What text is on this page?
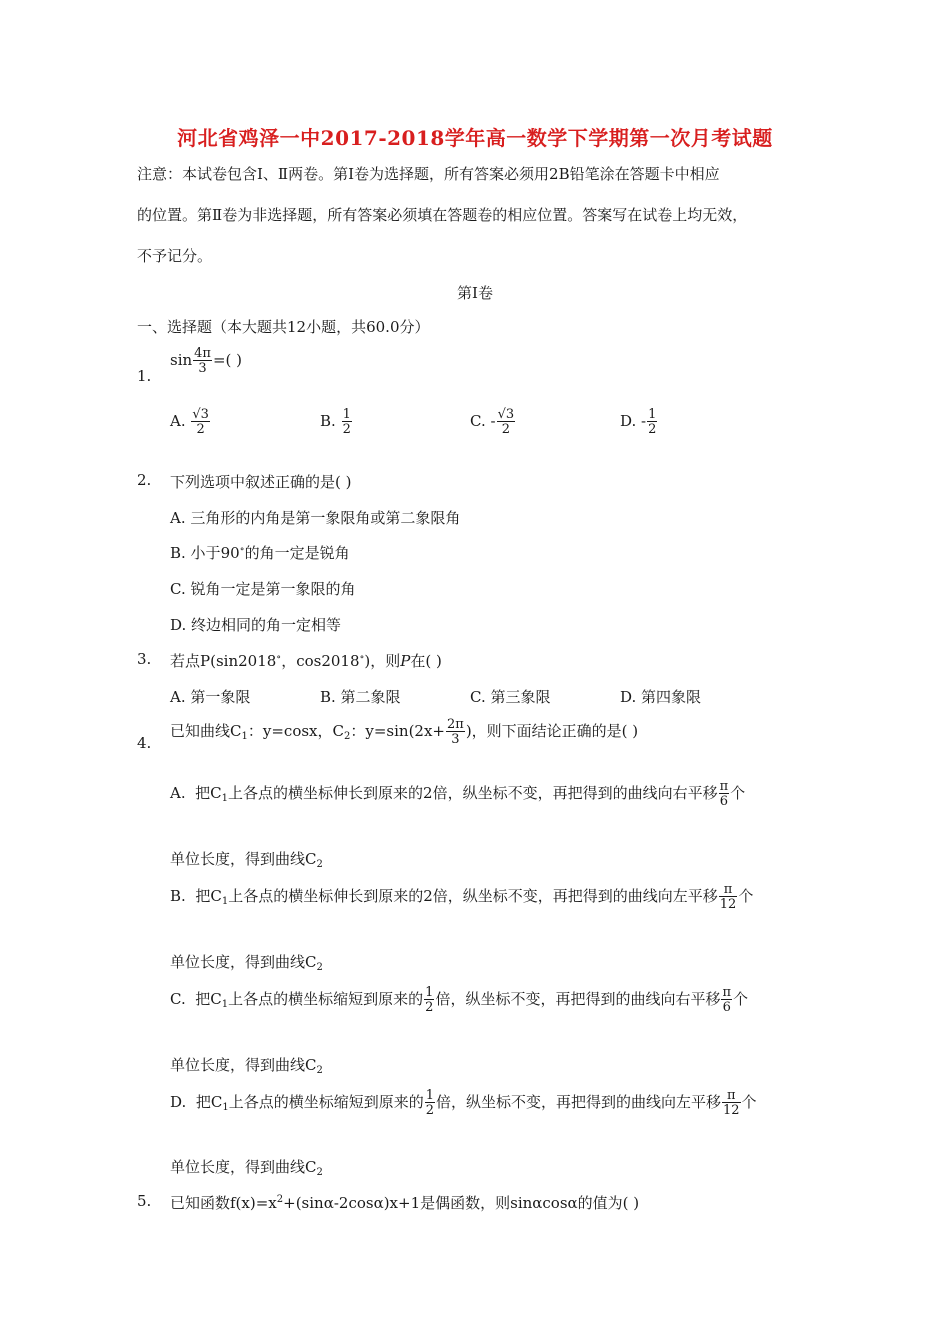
河北省鸡泽一中2017-2018学年高一数学下学期第一次月考试题
注意：本试卷包含Ⅰ、Ⅱ两卷。第Ⅰ卷为选择题，所有答案必须用2B铅笔涂在答题卡中相应
的位置。第Ⅱ卷为非选择题，所有答案必须填在答题卷的相应位置。答案写在试卷上均无效，
不予记分。
第Ⅰ卷
一、选择题（本大题共12小题，共60.0分）
1.
$\sin \frac{4\pi}{3}$ =( )
A. $\frac{√3}{2}$	B. $\frac{1}{2}$	C. - $\frac{√3}{2}$	D. - $\frac{1}{2}$
2. 下列选项中叙述正确的是( )
A. 三角形的内角是第一象限角或第二象限角
B. 小于90∘的角一定是锐角
C. 锐角一定是第一象限的角
D. 终边相同的角一定相等
3. 若点P(sin2018∘，cos2018∘)，则P在( )
A. 第一象限	B. 第二象限	C. 第三象限	D. 第四象限
4.
已知曲线$C_1$：y=cosx，$C_2$：$y=\sin(2x+ \frac{2\pi}{3}$ )，则下面结论正确的是( )
A. 把$C_1$上各点的横坐标伸长到原来的2倍，纵坐标不变，再把得到的曲线向右平移 $\frac{\pi}{6}$ 个
单位长度，得到曲线$C_2$
B. 把$C_1$上各点的横坐标伸长到原来的2倍，纵坐标不变，再把得到的曲线向左平移 $\frac{\pi}{12}$ 个
单位长度，得到曲线$C_2$
C. 把$C_1$上各点的横坐标缩短到原来的 $\frac{1}{2}$ 倍，纵坐标不变，再把得到的曲线向右平移 $\frac{\pi}{6}$ 个
单位长度，得到曲线$C_2$
D. 把$C_1$上各点的横坐标缩短到原来的 $\frac{1}{2}$ 倍，纵坐标不变，再把得到的曲线向左平移 $\frac{\pi}{12}$ 个
单位长度，得到曲线$C_2$
5. 已知函数$f(x)=x^2+(\sin\alpha-2\cos\alpha)x+1$是偶函数，则sinαcosα的值为( )
